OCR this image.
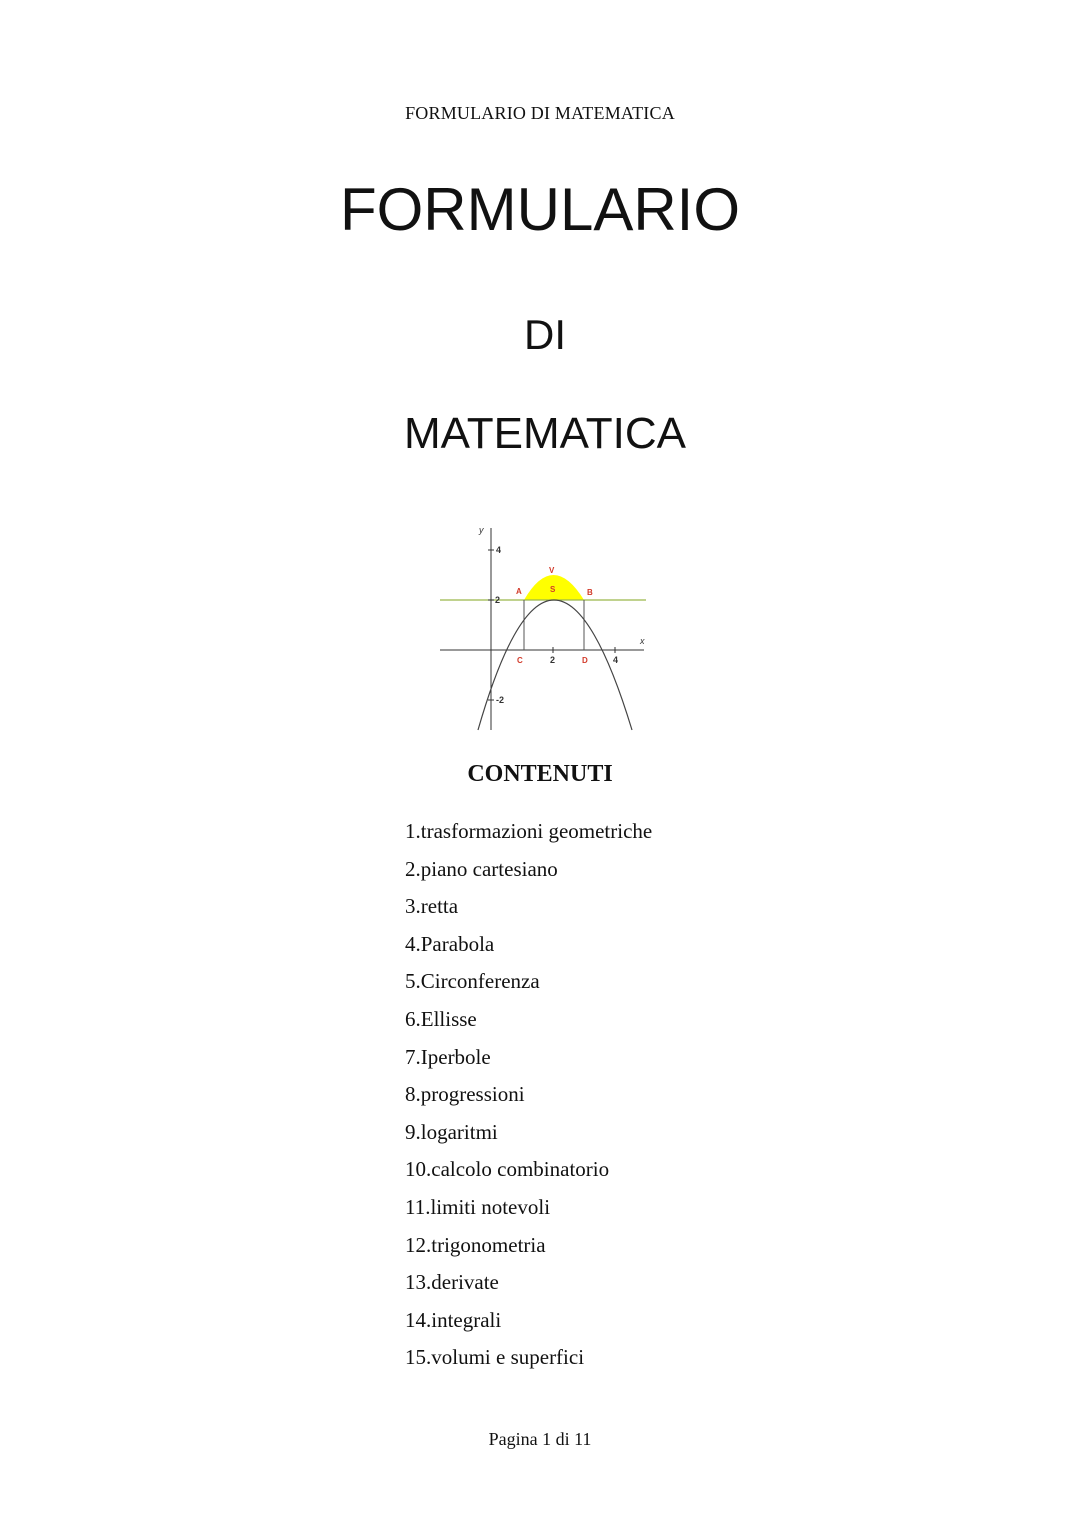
FORMULARIO DI MATEMATICA
FORMULARIO
DI
MATEMATICA
y
x
4
2
-2
2	4
A	B
V
S
C	D
CONTENUTI
1.trasformazioni geometriche
2.piano cartesiano
3.retta
4.Parabola
5.Circonferenza
6.Ellisse
7.Iperbole
8.progressioni
9.logaritmi
10.calcolo combinatorio
11.limiti notevoli
12.trigonometria
13.derivate
14.integrali
15.volumi e superfici
Pagina 1 di 11
